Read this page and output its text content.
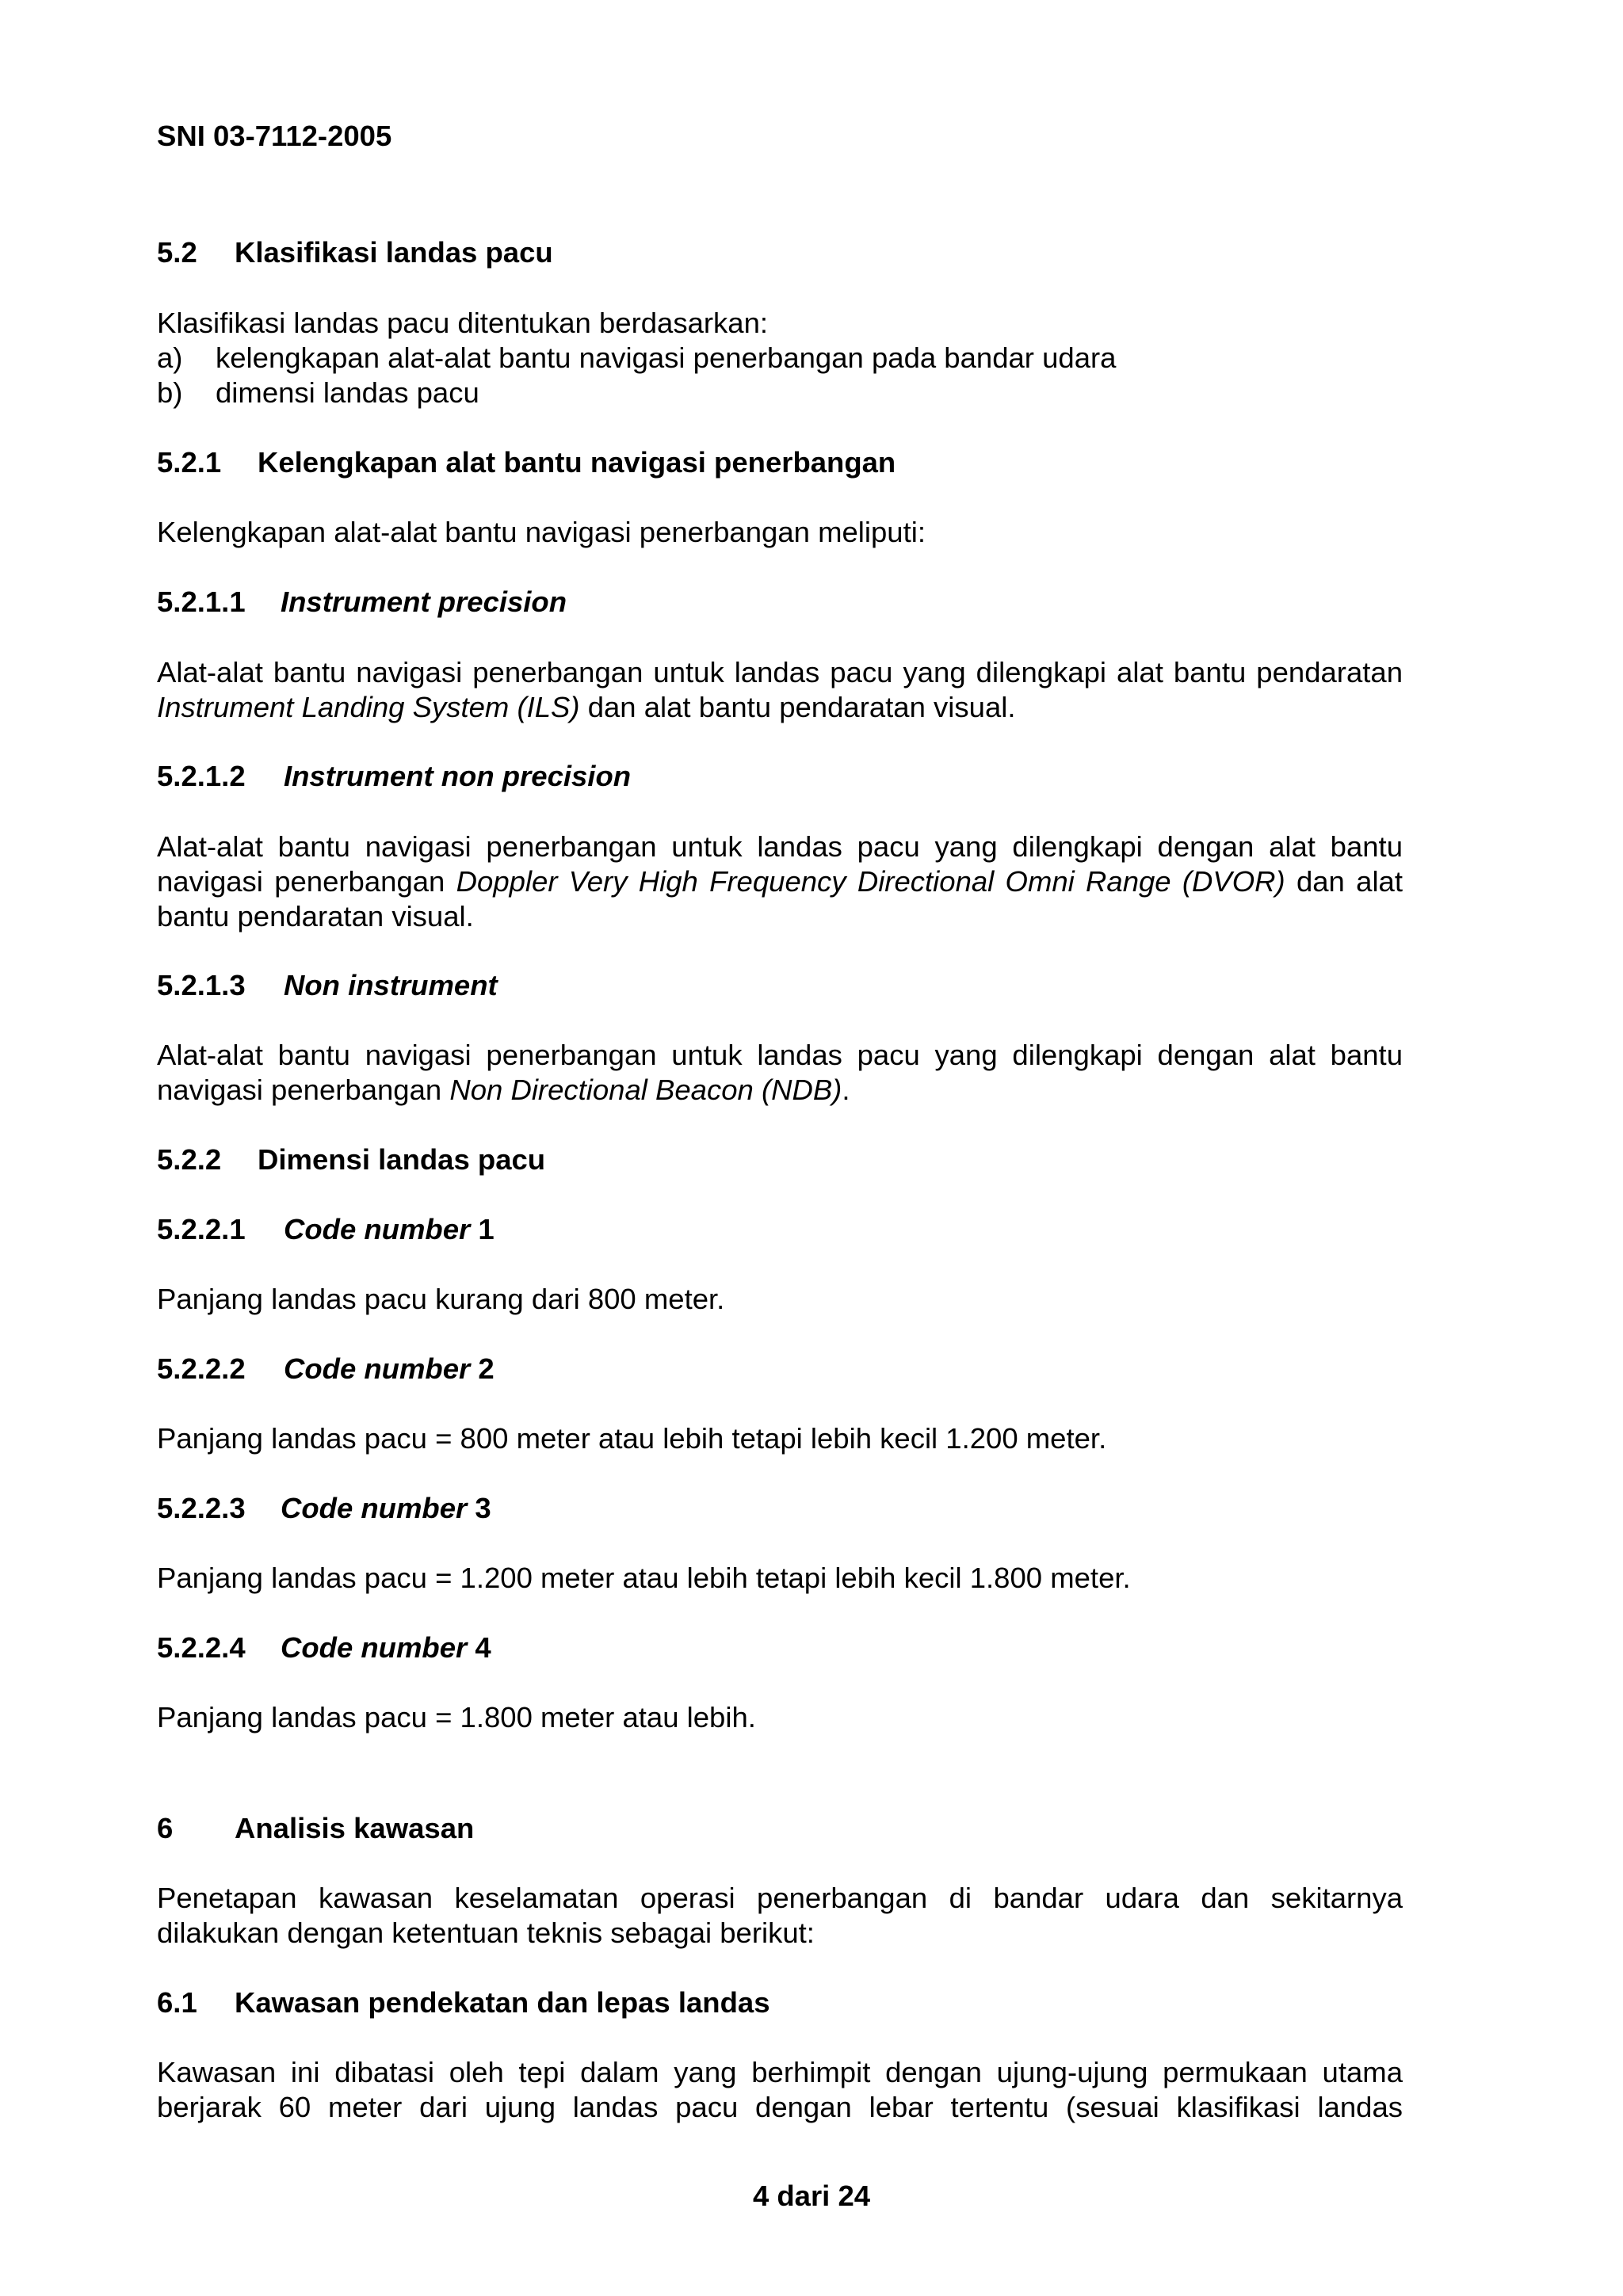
SNI 03-7112-2005
5.2 Klasifikasi landas pacu
Klasifikasi landas pacu ditentukan berdasarkan:
a) kelengkapan alat-alat bantu navigasi penerbangan pada bandar udara
b) dimensi landas pacu
5.2.1 Kelengkapan alat bantu navigasi penerbangan
Kelengkapan alat-alat bantu navigasi penerbangan meliputi:
5.2.1.1 Instrument precision

Alat-alat bantu navigasi penerbangan untuk landas pacu yang dilengkapi alat bantu pendaratan Instrument Landing System (ILS) dan alat bantu pendaratan visual.

5.2.1.2 Instrument non precision

Alat-alat bantu navigasi penerbangan untuk landas pacu yang dilengkapi dengan alat bantu navigasi penerbangan Doppler Very High Frequency Directional Omni Range (DVOR) dan alat bantu pendaratan visual.

5.2.1.3 Non instrument

Alat-alat bantu navigasi penerbangan untuk landas pacu yang dilengkapi dengan alat bantu navigasi penerbangan Non Directional Beacon (NDB).

5.2.2 Dimensi landas pacu
5.2.2.1 Code number 1
Panjang landas pacu kurang dari 800 meter.
5.2.2.2 Code number 2
Panjang landas pacu = 800 meter atau lebih tetapi lebih kecil 1.200 meter.
5.2.2.3 Code number 3
Panjang landas pacu = 1.200 meter atau lebih tetapi lebih kecil 1.800 meter.
5.2.2.4 Code number 4
Panjang landas pacu = 1.800 meter atau lebih.
6 Analisis kawasan

Penetapan kawasan keselamatan operasi penerbangan di bandar udara dan sekitarnya dilakukan dengan ketentuan teknis sebagai berikut:

6.1 Kawasan pendekatan dan lepas landas

Kawasan ini dibatasi oleh tepi dalam yang berhimpit dengan ujung-ujung permukaan utama berjarak 60 meter dari ujung landas pacu dengan lebar tertentu (sesuai klasifikasi landas

4 dari 24
